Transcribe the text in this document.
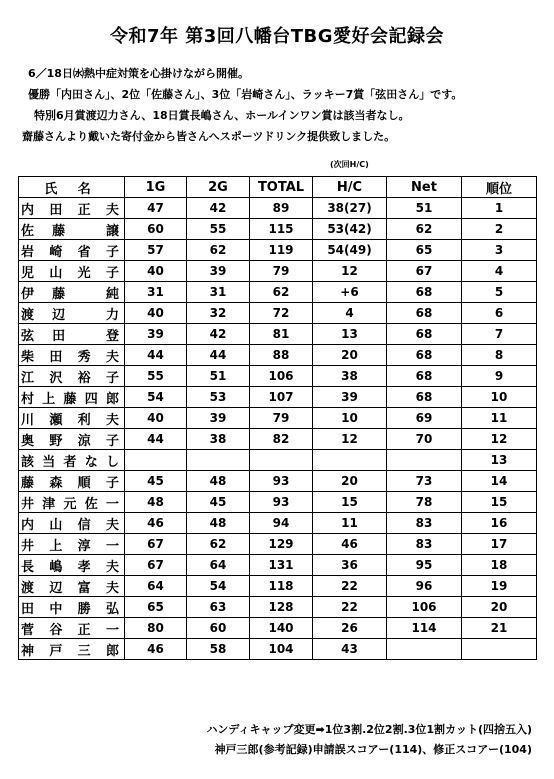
令和7年 第3回八幡台TBG愛好会記録会
6／18日㈬熱中症対策を心掛けながら開催。
優勝「内田さん」、2位「佐藤さん」、3位「岩崎さん」、ラッキー7賞「弦田さん」です。
特別6月賞渡辺力さん、18日賞長嶋さん、ホールインワン賞は該当者なし。
齋藤さんより戴いた寄付金から皆さんへスポーツドリンク提供致しました。
(次回H/C)
氏 名	1G	2G	TOTAL	H/C	Net	順位
内田正夫	47	42	89	38(27)	51	1
佐藤 譲	60	55	115	53(42)	62	2
岩崎省子	57	62	119	54(49)	65	3
児山光子	40	39	79	12	67	4
伊藤 純	31	31	62	+6	68	5
渡辺 力	40	32	72	4	68	6
弦田 登	39	42	81	13	68	7
柴田秀夫	44	44	88	20	68	8
江沢裕子	55	51	106	38	68	9
村上藤四郎	54	53	107	39	68	10
川瀬利夫	40	39	79	10	69	11
奥野涼子	44	38	82	12	70	12
該当者なし						13
藤森順子	45	48	93	20	73	14
井津元佐一	48	45	93	15	78	15
内山信夫	46	48	94	11	83	16
井上淳一	67	62	129	46	83	17
長嶋孝夫	67	64	131	36	95	18
渡辺富夫	64	54	118	22	96	19
田中勝弘	65	63	128	22	106	20
菅谷正一	80	60	140	26	114	21
神戸三郎	46	58	104	43		
ハンディキャップ変更➡1位3割.2位2割.3位1割カット(四捨五入)
神戸三郎(参考記録)申請誤スコアー(114)、修正スコアー(104)
